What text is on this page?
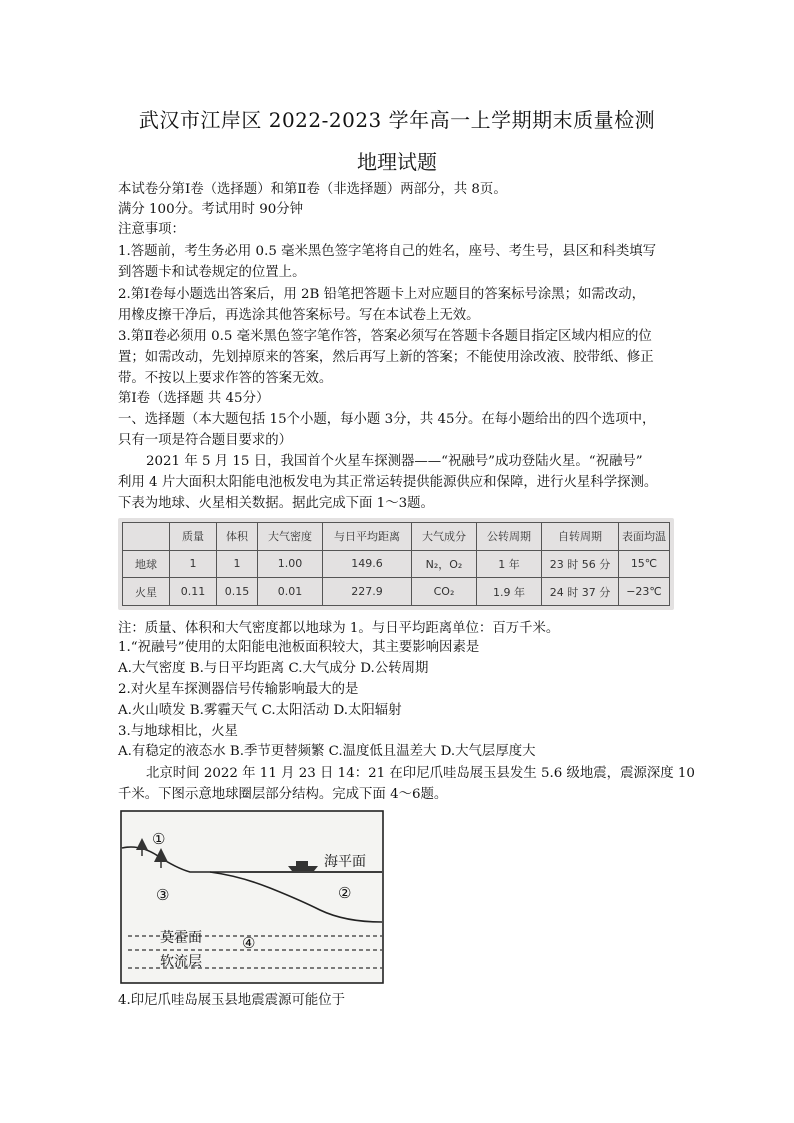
武汉市江岸区 2022-2023 学年高一上学期期末质量检测
地理试题
本试卷分第Ⅰ卷（选择题）和第Ⅱ卷（非选择题）两部分，共 8页。
满分 100分。考试用时 90分钟
注意事项：
1.答题前，考生务必用 0.5 毫米黑色签字笔将自己的姓名，座号、考生号，县区和科类填写
到答题卡和试卷规定的位置上。
2.第Ⅰ卷每小题选出答案后，用 2B 铅笔把答题卡上对应题目的答案标号涂黑；如需改动，
用橡皮擦干净后，再选涂其他答案标号。写在本试卷上无效。
3.第Ⅱ卷必须用 0.5 毫米黑色签字笔作答，答案必须写在答题卡各题目指定区域内相应的位
置；如需改动，先划掉原来的答案，然后再写上新的答案；不能使用涂改液、胶带纸、修正
带。不按以上要求作答的答案无效。
第Ⅰ卷（选择题 共 45分）
一、选择题（本大题包括 15个小题，每小题 3分，共 45分。在每小题给出的四个选项中，
只有一项是符合题目要求的）
2021 年 5 月 15 日，我国首个火星车探测器——“祝融号”成功登陆火星。“祝融号”
利用 4 片大面积太阳能电池板发电为其正常运转提供能源供应和保障，进行火星科学探测。
下表为地球、火星相关数据。据此完成下面 1～3题。
	质量	体积	大气密度	与日平均距离	大气成分	公转周期	自转周期	表面均温
地球	1	1	1.00	149.6	N₂，O₂	1 年	23 时 56 分	15℃
火星	0.11	0.15	0.01	227.9	CO₂	1.9 年	24 时 37 分	−23℃
注：质量、体积和大气密度都以地球为 1。与日平均距离单位：百万千米。
1.“祝融号”使用的太阳能电池板面积较大，其主要影响因素是
A.大气密度 B.与日平均距离 C.大气成分 D.公转周期
2.对火星车探测器信号传输影响最大的是
A.火山喷发 B.雾霾天气 C.太阳活动 D.太阳辐射
3.与地球相比，火星
A.有稳定的液态水 B.季节更替频繁 C.温度低且温差大 D.大气层厚度大
北京时间 2022 年 11 月 23 日 14：21 在印尼爪哇岛展玉县发生 5.6 级地震，震源深度 10
千米。下图示意地球圈层部分结构。完成下面 4～6题。
①
②
③
④
海平面
莫霍面
软流层
4.印尼爪哇岛展玉县地震震源可能位于
